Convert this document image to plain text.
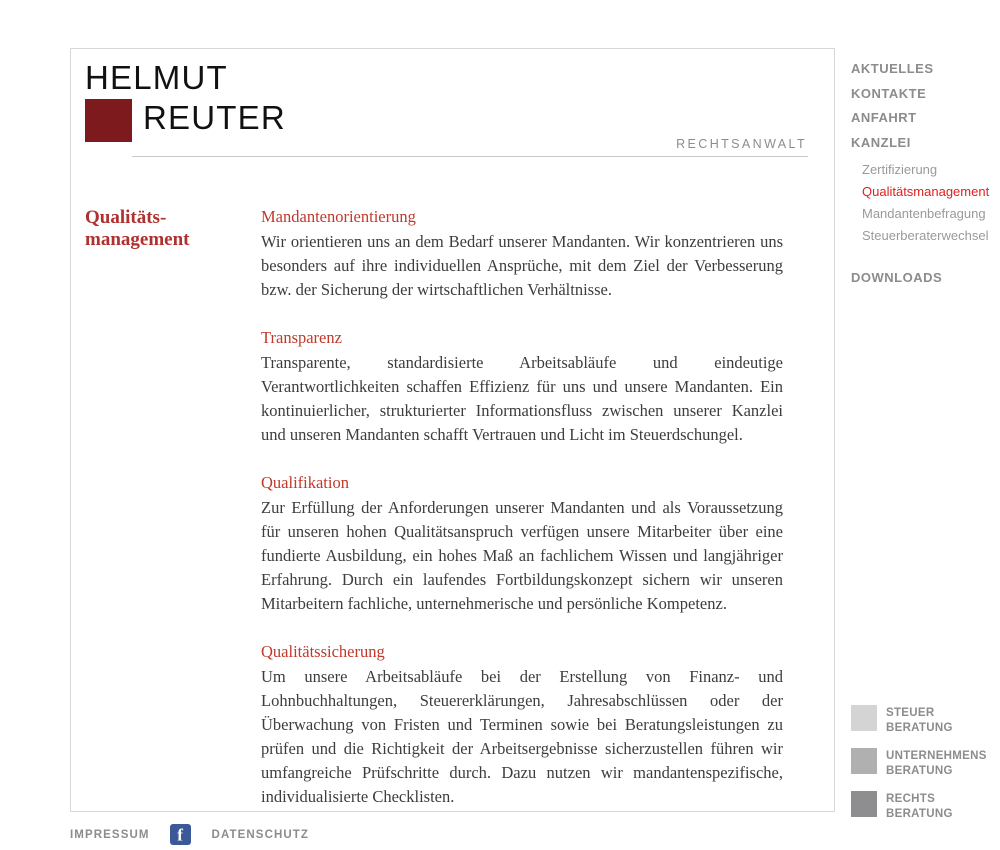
HELMUT
REUTER
RECHTSANWALT
Qualitäts-
management
Mandantenorientierung

Wir orientieren uns an dem Bedarf unserer Mandanten. Wir konzentrieren uns besonders auf ihre individuellen Ansprüche, mit dem Ziel der Verbesserung bzw. der Sicherung der wirtschaftlichen Verhältnisse.

Transparenz

Transparente, standardisierte Arbeitsabläufe und eindeutige Verantwortlichkeiten schaffen Effizienz für uns und unsere Mandanten. Ein kontinuierlicher, strukturierter Informationsfluss zwischen unserer Kanzlei und unseren Mandanten schafft Vertrauen und Licht im Steuerdschungel.

Qualifikation

Zur Erfüllung der Anforderungen unserer Mandanten und als Voraussetzung für unseren hohen Qualitätsanspruch verfügen unsere Mitarbeiter über eine fundierte Ausbildung, ein hohes Maß an fachlichem Wissen und langjähriger Erfahrung. Durch ein laufendes Fortbildungskonzept sichern wir unseren Mitarbeitern fachliche, unternehmerische und persönliche Kompetenz.

Qualitätssicherung

Um unsere Arbeitsabläufe bei der Erstellung von Finanz- und Lohnbuchhaltungen, Steuererklärungen, Jahresabschlüssen oder der Überwachung von Fristen und Terminen sowie bei Beratungsleistungen zu prüfen und die Richtigkeit der Arbeitsergebnisse sicherzustellen führen wir umfangreiche Prüfschritte durch. Dazu nutzen wir mandantenspezifische, individualisierte Checklisten.

AKTUELLES
KONTAKTE
ANFAHRT
KANZLEI
Zertifizierung
Qualitätsmanagement
Mandantenbefragung
Steuerberaterwechsel
DOWNLOADS
STEUER
BERATUNG
UNTERNEHMENS
BERATUNG
RECHTS
BERATUNG
IMPRESSUM	f	DATENSCHUTZ
